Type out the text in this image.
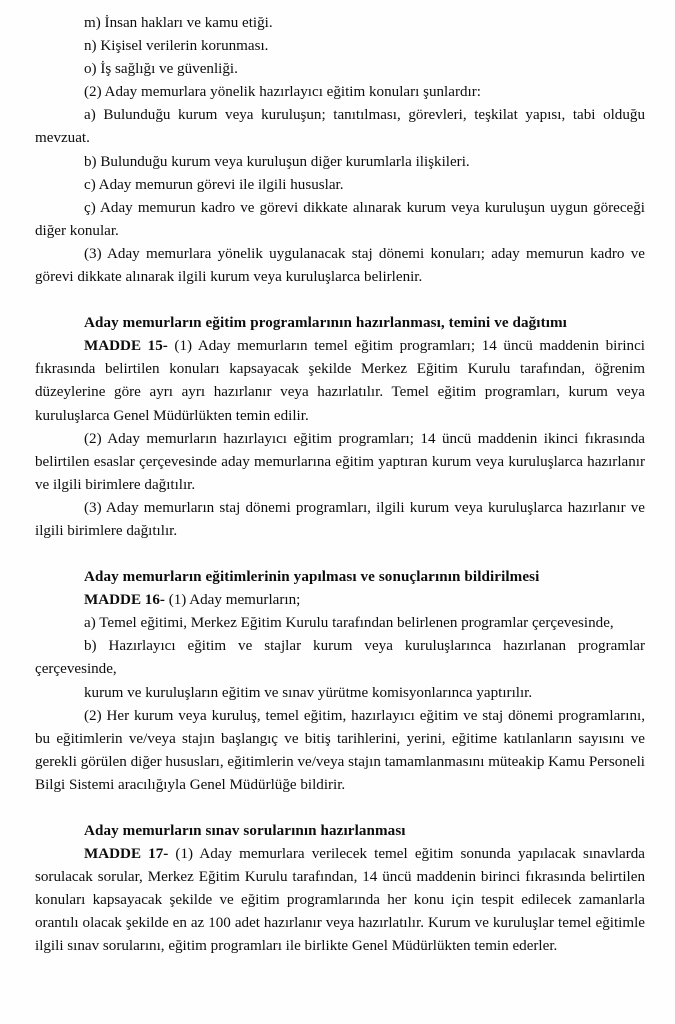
m) İnsan hakları ve kamu etiği.

n) Kişisel verilerin korunması.

o) İş sağlığı ve güvenliği.

(2) Aday memurlara yönelik hazırlayıcı eğitim konuları şunlardır:

a) Bulunduğu kurum veya kuruluşun; tanıtılması, görevleri, teşkilat yapısı, tabi olduğu mevzuat.

b) Bulunduğu kurum veya kuruluşun diğer kurumlarla ilişkileri.

c) Aday memurun görevi ile ilgili hususlar.

ç) Aday memurun kadro ve görevi dikkate alınarak kurum veya kuruluşun uygun göreceği diğer konular.

(3) Aday memurlara yönelik uygulanacak staj dönemi konuları; aday memurun kadro ve görevi dikkate alınarak ilgili kurum veya kuruluşlarca belirlenir.

Aday memurların eğitim programlarının hazırlanması, temini ve dağıtımı

MADDE 15- (1) Aday memurların temel eğitim programları; 14 üncü maddenin birinci fıkrasında belirtilen konuları kapsayacak şekilde Merkez Eğitim Kurulu tarafından, öğrenim düzeylerine göre ayrı ayrı hazırlanır veya hazırlatılır. Temel eğitim programları, kurum veya kuruluşlarca Genel Müdürlükten temin edilir.

(2) Aday memurların hazırlayıcı eğitim programları; 14 üncü maddenin ikinci fıkrasında belirtilen esaslar çerçevesinde aday memurlarına eğitim yaptıran kurum veya kuruluşlarca hazırlanır ve ilgili birimlere dağıtılır.

(3) Aday memurların staj dönemi programları, ilgili kurum veya kuruluşlarca hazırlanır ve ilgili birimlere dağıtılır.

Aday memurların eğitimlerinin yapılması ve sonuçlarının bildirilmesi

MADDE 16- (1) Aday memurların;

a) Temel eğitimi, Merkez Eğitim Kurulu tarafından belirlenen programlar çerçevesinde,

b) Hazırlayıcı eğitim ve stajlar kurum veya kuruluşlarınca hazırlanan programlar çerçevesinde,

kurum ve kuruluşların eğitim ve sınav yürütme komisyonlarınca yaptırılır.

(2) Her kurum veya kuruluş, temel eğitim, hazırlayıcı eğitim ve staj dönemi programlarını, bu eğitimlerin ve/veya stajın başlangıç ve bitiş tarihlerini, yerini, eğitime katılanların sayısını ve gerekli görülen diğer hususları, eğitimlerin ve/veya stajın tamamlanmasını müteakip Kamu Personeli Bilgi Sistemi aracılığıyla Genel Müdürlüğe bildirir.

Aday memurların sınav sorularının hazırlanması

MADDE 17- (1) Aday memurlara verilecek temel eğitim sonunda yapılacak sınavlarda sorulacak sorular, Merkez Eğitim Kurulu tarafından, 14 üncü maddenin birinci fıkrasında belirtilen konuları kapsayacak şekilde ve eğitim programlarında her konu için tespit edilecek zamanlarla orantılı olacak şekilde en az 100 adet hazırlanır veya hazırlatılır. Kurum ve kuruluşlar temel eğitimle ilgili sınav sorularını, eğitim programları ile birlikte Genel Müdürlükten temin ederler.
